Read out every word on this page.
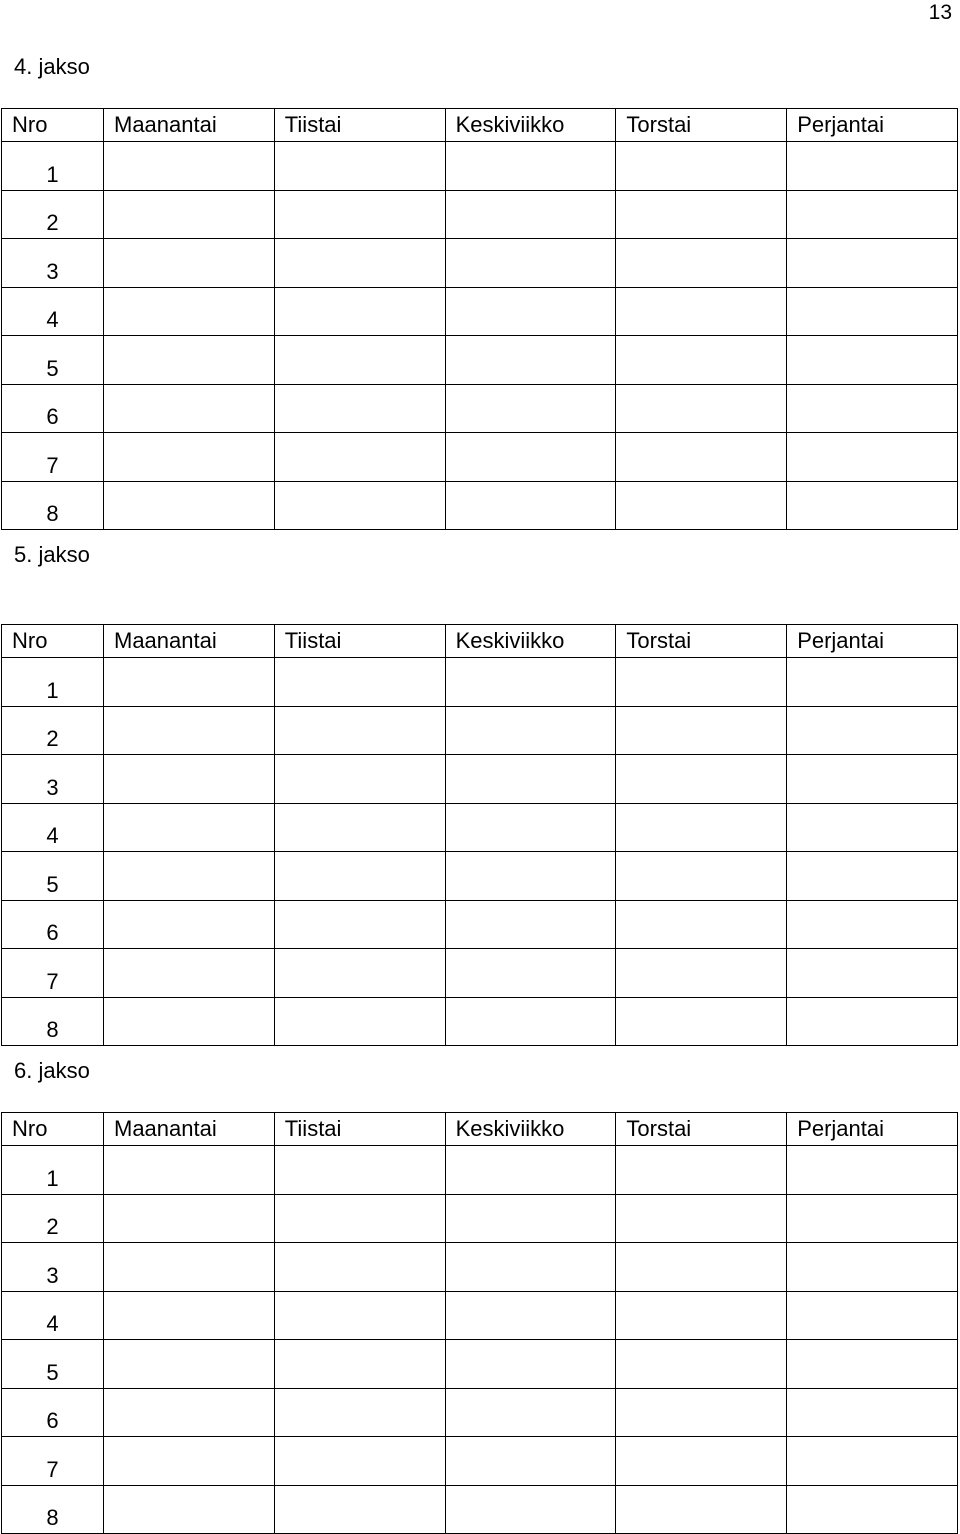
13
4. jakso
Nro	Maanantai	Tiistai	Keskiviikko	Torstai	Perjantai
1					
2					
3					
4					
5					
6					
7					
8					
5. jakso
Nro	Maanantai	Tiistai	Keskiviikko	Torstai	Perjantai
1					
2					
3					
4					
5					
6					
7					
8					
6. jakso
Nro	Maanantai	Tiistai	Keskiviikko	Torstai	Perjantai
1					
2					
3					
4					
5					
6					
7					
8					
